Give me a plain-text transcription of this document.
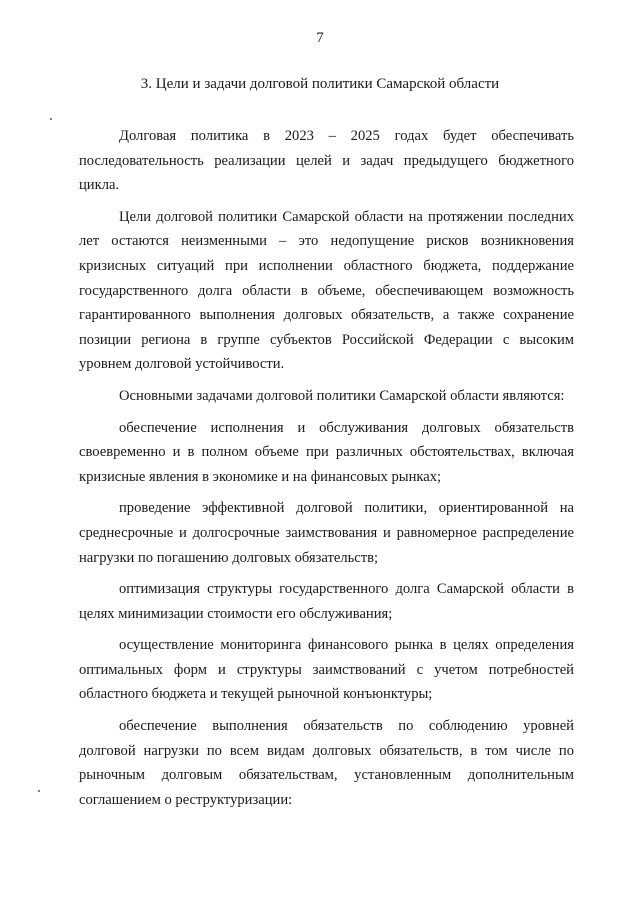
7
3. Цели и задачи долговой политики Самарской области

Долговая политика в 2023 – 2025 годах будет обеспечивать последовательность реализации целей и задач предыдущего бюджетного цикла.

Цели долговой политики Самарской области на протяжении последних лет остаются неизменными – это недопущение рисков возникновения кризисных ситуаций при исполнении областного бюджета, поддержание государственного долга области в объеме, обеспечивающем возможность гарантированного выполнения долговых обязательств, а также сохранение позиции региона в группе субъектов Российской Федерации с высоким уровнем долговой устойчивости.

Основными задачами долговой политики Самарской области являются:

обеспечение исполнения и обслуживания долговых обязательств своевременно и в полном объеме при различных обстоятельствах, включая кризисные явления в экономике и на финансовых рынках;

проведение эффективной долговой политики, ориентированной на среднесрочные и долгосрочные заимствования и равномерное распределение нагрузки по погашению долговых обязательств;

оптимизация структуры государственного долга Самарской области в целях минимизации стоимости его обслуживания;

осуществление мониторинга финансового рынка в целях определения оптимальных форм и структуры заимствований с учетом потребностей областного бюджета и текущей рыночной конъюнктуры;

обеспечение выполнения обязательств по соблюдению уровней долговой нагрузки по всем видам долговых обязательств, в том числе по рыночным долговым обязательствам, установленным дополнительным соглашением о реструктуризации:
